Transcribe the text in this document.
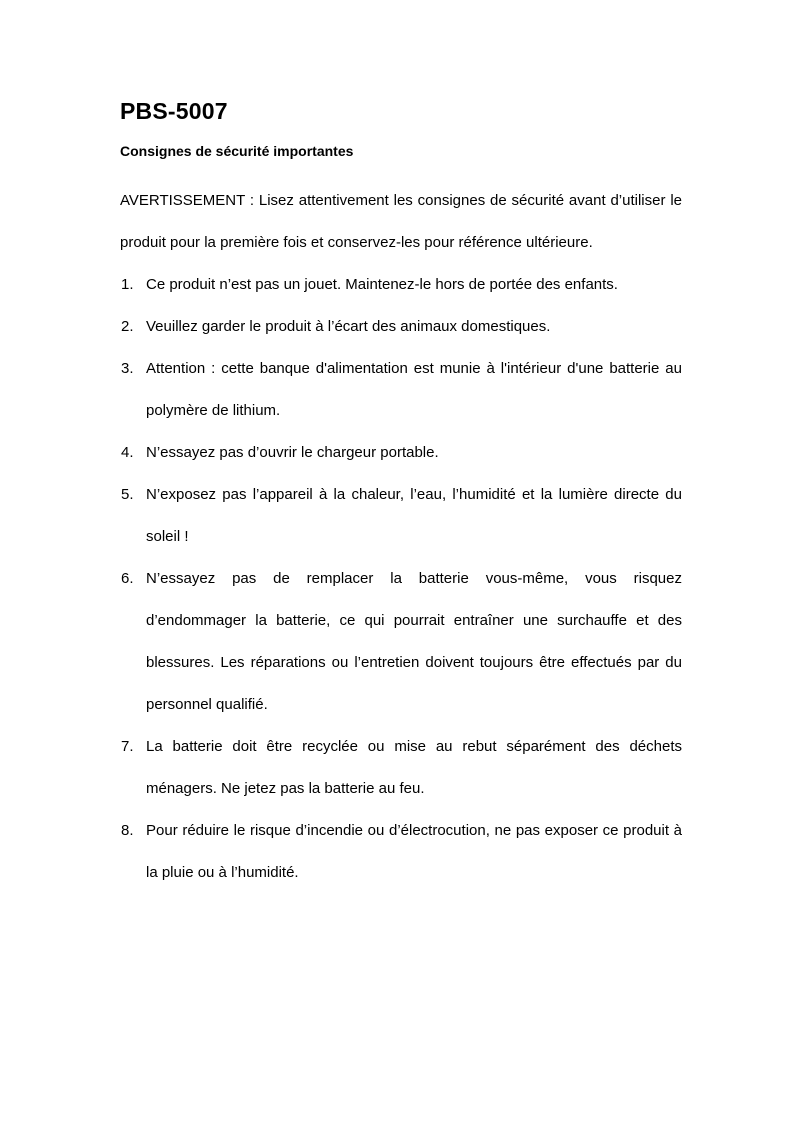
PBS-5007
Consignes de sécurité importantes

AVERTISSEMENT : Lisez attentivement les consignes de sécurité avant d’utiliser le produit pour la première fois et conservez-les pour référence ultérieure.

Ce produit n’est pas un jouet. Maintenez-le hors de portée des enfants.
Veuillez garder le produit à l’écart des animaux domestiques.
Attention : cette banque d'alimentation est munie à l'intérieur d'une batterie au polymère de lithium.
N’essayez pas d’ouvrir le chargeur portable.
N’exposez pas l’appareil à la chaleur, l’eau, l’humidité et la lumière directe du soleil !
N’essayez pas de remplacer la batterie vous-même, vous risquez d’endommager la batterie, ce qui pourrait entraîner une surchauffe et des blessures. Les réparations ou l’entretien doivent toujours être effectués par du personnel qualifié.
La batterie doit être recyclée ou mise au rebut séparément des déchets ménagers. Ne jetez pas la batterie au feu.
Pour réduire le risque d’incendie ou d’électrocution, ne pas exposer ce produit à la pluie ou à l’humidité.
